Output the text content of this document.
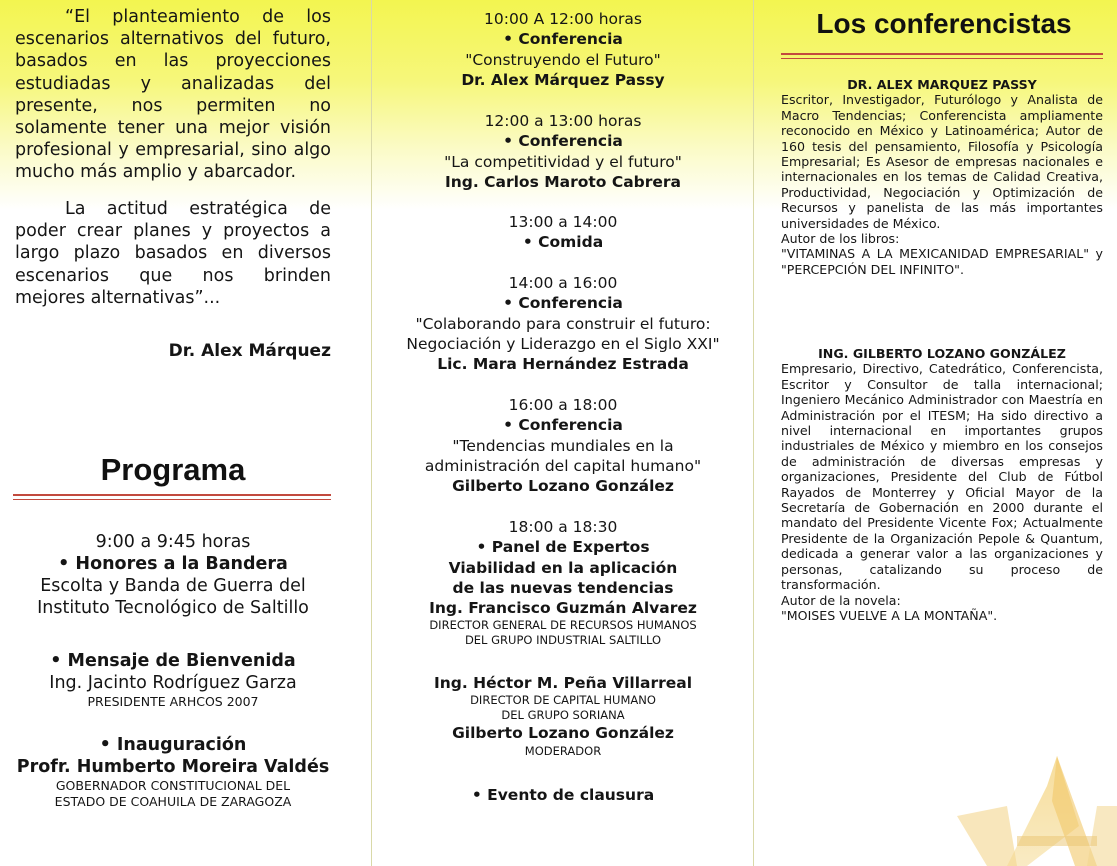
“El planteamiento de los escenarios alternativos del futuro, basados en las proyecciones estudiadas y analizadas del presente, nos permiten no solamente tener una mejor visión profesional y empresarial, sino algo mucho más amplio y abarcador.

La actitud estratégica de poder crear planes y proyectos a largo plazo basados en diversos escenarios que nos brinden mejores alternativas”...

Dr. Alex Márquez
Programa
9:00 a 9:45 horas
• Honores a la Bandera
Escolta y Banda de Guerra del
Instituto Tecnológico de Saltillo
• Mensaje de Bienvenida
Ing. Jacinto Rodríguez Garza
PRESIDENTE ARHCOS 2007
• Inauguración
Profr. Humberto Moreira Valdés
GOBERNADOR CONSTITUCIONAL DEL
ESTADO DE COAHUILA DE ZARAGOZA
10:00 A 12:00 horas
• Conferencia
"Construyendo el Futuro"
Dr. Alex Márquez Passy
12:00 a 13:00 horas
• Conferencia
"La competitividad y el futuro"
Ing. Carlos Maroto Cabrera
13:00 a 14:00
• Comida
14:00 a 16:00
• Conferencia
"Colaborando para construir el futuro:
Negociación y Liderazgo en el Siglo XXI"
Lic. Mara Hernández Estrada
16:00 a 18:00
• Conferencia
"Tendencias mundiales en la
administración del capital humano"
Gilberto Lozano González
18:00 a 18:30
• Panel de Expertos
Viabilidad en la aplicación
de las nuevas tendencias
Ing. Francisco Guzmán Alvarez
DIRECTOR GENERAL DE RECURSOS HUMANOS
DEL GRUPO INDUSTRIAL SALTILLO
Ing. Héctor M. Peña Villarreal
DIRECTOR DE CAPITAL HUMANO
DEL GRUPO SORIANA
Gilberto Lozano González
MODERADOR
• Evento de clausura
Los conferencistas
DR. ALEX MARQUEZ PASSY

Escritor, Investigador, Futurólogo y Analista de Macro Tendencias; Conferencista ampliamente reconocido en México y Latinoamérica; Autor de 160 tesis del pensamiento, Filosofía y Psicología Empresarial; Es Asesor de empresas nacionales e internacionales en los temas de Calidad Creativa, Productividad, Negociación y Optimización de Recursos y panelista de las más importantes universidades de México.

Autor de los libros:

"VITAMINAS A LA MEXICANIDAD EMPRESARIAL" y "PERCEPCIÓN DEL INFINITO".

ING. GILBERTO LOZANO GONZÁLEZ

Empresario, Directivo, Catedrático, Conferencista, Escritor y Consultor de talla internacional; Ingeniero Mecánico Administrador con Maestría en Administración por el ITESM; Ha sido directivo a nivel internacional en importantes grupos industriales de México y miembro en los consejos de administración de diversas empresas y organizaciones, Presidente del Club de Fútbol Rayados de Monterrey y Oficial Mayor de la Secretaría de Gobernación en 2000 durante el mandato del Presidente Vicente Fox; Actualmente Presidente de la Organización Pepole & Quantum, dedicada a generar valor a las organizaciones y personas, catalizando su proceso de transformación.

Autor de la novela:

"MOISES VUELVE A LA MONTAÑA".
